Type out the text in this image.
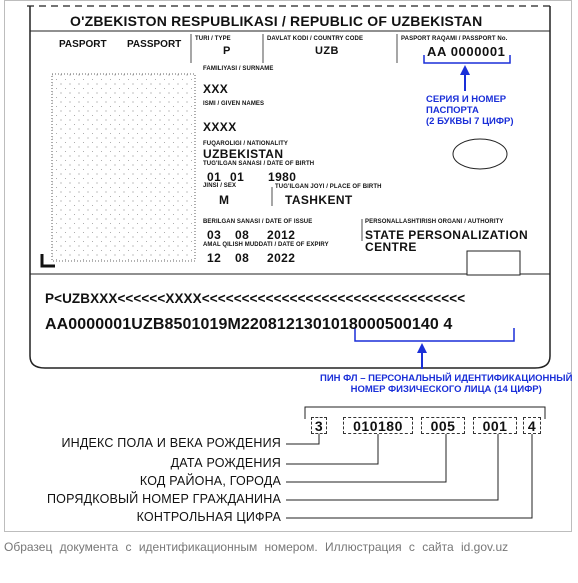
O'ZBEKISTON RESPUBLIKASI / REPUBLIC OF UZBEKISTAN
PASPORT PASSPORT TURI / TYPE
P
DAVLAT KODI / COUNTRY CODE
UZB
PASPORT RAQAMI / PASSPORT No.
AA 0000001
FAMILIYASI / SURNAME
XXX
ISMI / GIVEN NAMES
XXXX
FUQAROLIGI / NATIONALITY
UZBEKISTAN
TUG'ILGAN SANASI / DATE OF BIRTH
01 01 1980
JINSI / SEX
M
TUG'ILGAN JOYI / PLACE OF BIRTH
TASHKENT
BERILGAN SANASI / DATE OF ISSUE
03 08 2012
AMAL QILISH MUDDATI / DATE OF EXPIRY
12 08 2022
PERSONALLASHTIRISH ORGANI / AUTHORITY
STATE PERSONALIZATION
CENTRE
СЕРИЯ И НОМЕР
ПАСПОРТА
(2 БУКВЫ 7 ЦИФР)
P<UZBXXX<<<<<<XXXX<<<<<<<<<<<<<<<<<<<<<<<<<<<<<<<<<
AA0000001UZB8501019M2208121301018000500140 4
ПИН ФЛ – ПЕРСОНАЛЬНЫЙ ИДЕНТИФИКАЦИОННЫЙ
НОМЕР ФИЗИЧЕСКОГО ЛИЦА (14 ЦИФР)
3	010180	005	001	4
ИНДЕКС ПОЛА И ВЕКА РОЖДЕНИЯ
ДАТА РОЖДЕНИЯ
КОД РАЙОНА, ГОРОДА
ПОРЯДКОВЫЙ НОМЕР ГРАЖДАНИНА
КОНТРОЛЬНАЯ ЦИФРА
Образец документа с идентификационным номером. Иллюстрация с сайта id.gov.uz
